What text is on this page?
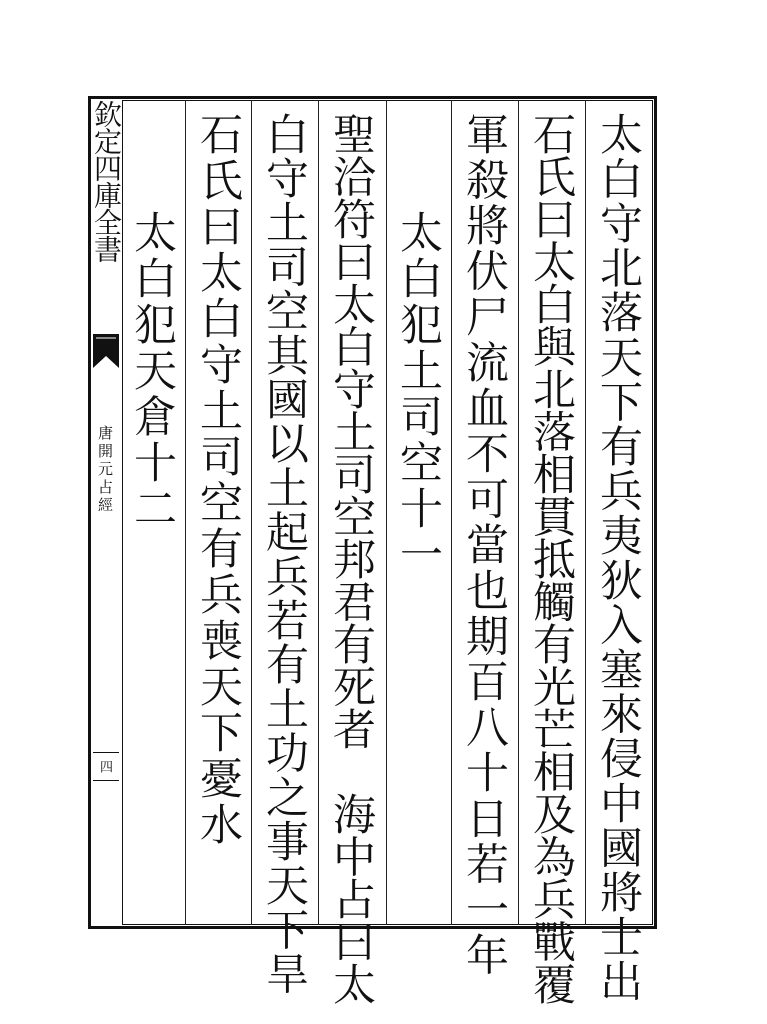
欽定四庫全書
唐開元占經
四	太白守北落天下有兵夷狄入塞來侵中國將士出
石氏曰太白與北落相貫抵觸有光芒相及為兵戰覆
軍殺將伏尸流血不可當也期百八十日若一年
太白犯土司空十一
聖洽符曰太白守土司空邦君有死者　海中占曰太
白守土司空其國以土起兵若有土功之事天下旱
石氏曰太白守土司空有兵喪天下憂水
太白犯天倉十二
